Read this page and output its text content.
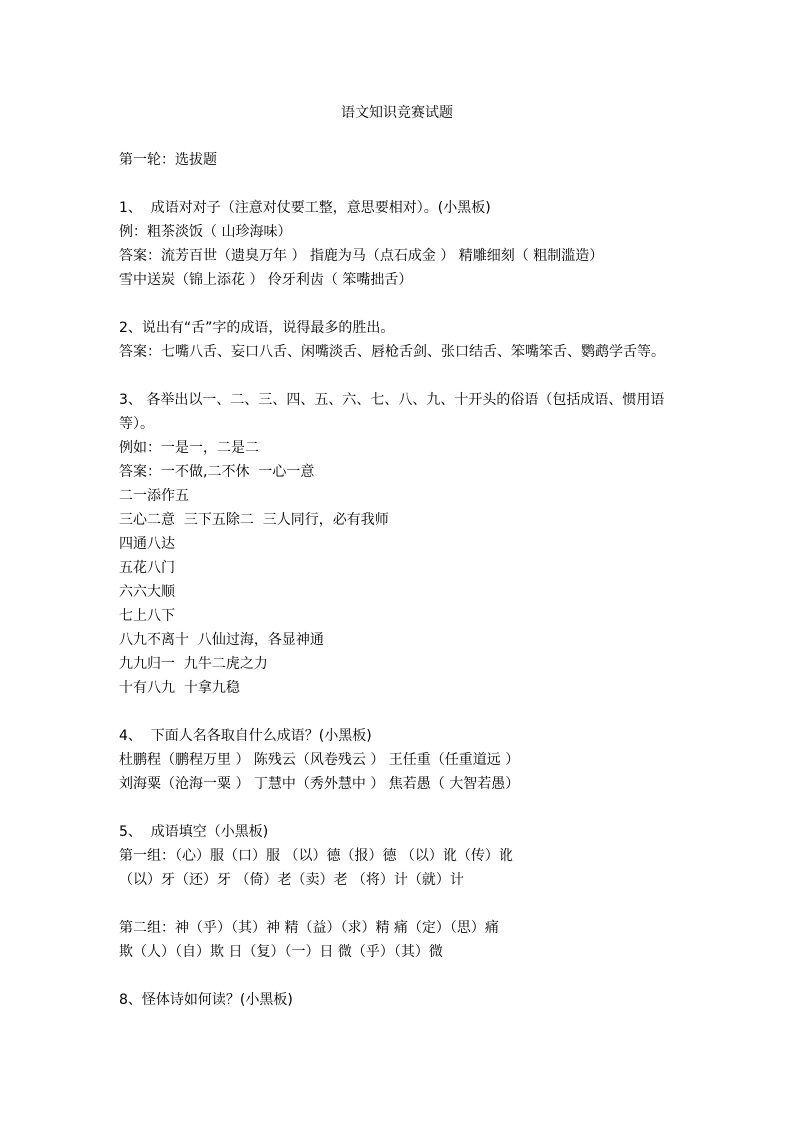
语文知识竞赛试题
第一轮：选拔题
1、  成语对对子（注意对仗要工整，意思要相对）。(小黑板)
例：粗茶淡饭（ 山珍海味）
答案：流芳百世（遗臭万年 ） 指鹿为马（点石成金 ） 精雕细刻（ 粗制滥造）
雪中送炭（锦上添花 ） 伶牙利齿（ 笨嘴拙舌）
2、说出有“舌”字的成语，说得最多的胜出。
答案：七嘴八舌、妄口八舌、闲嘴淡舌、唇枪舌剑、张口结舌、笨嘴笨舌、鹦鹉学舌等。
3、 各举出以一、二、三、四、五、六、七、八、九、十开头的俗语（包括成语、惯用语等）。
例如：一是一，二是二
答案：一不做,二不休  一心一意
二一添作五
三心二意  三下五除二  三人同行，必有我师
四通八达
五花八门
六六大顺
七上八下
八九不离十  八仙过海，各显神通
九九归一  九牛二虎之力
十有八九  十拿九稳
4、  下面人名各取自什么成语？(小黑板)
杜鹏程（鹏程万里 ） 陈残云（风卷残云 ） 王任重（任重道远 ）
刘海粟（沧海一粟 ） 丁慧中（秀外慧中 ） 焦若愚（ 大智若愚）
5、  成语填空（小黑板)
第一组：（心）服（口）服 （以）德（报）德 （以）讹（传）讹
（以）牙（还）牙 （倚）老（卖）老 （将）计（就）计
第二组：神（乎）（其）神 精（益）（求）精 痛（定）（思）痛
欺（人）（自）欺 日（复）（一）日 微（乎）（其）微
8、怪体诗如何读？(小黑板)
